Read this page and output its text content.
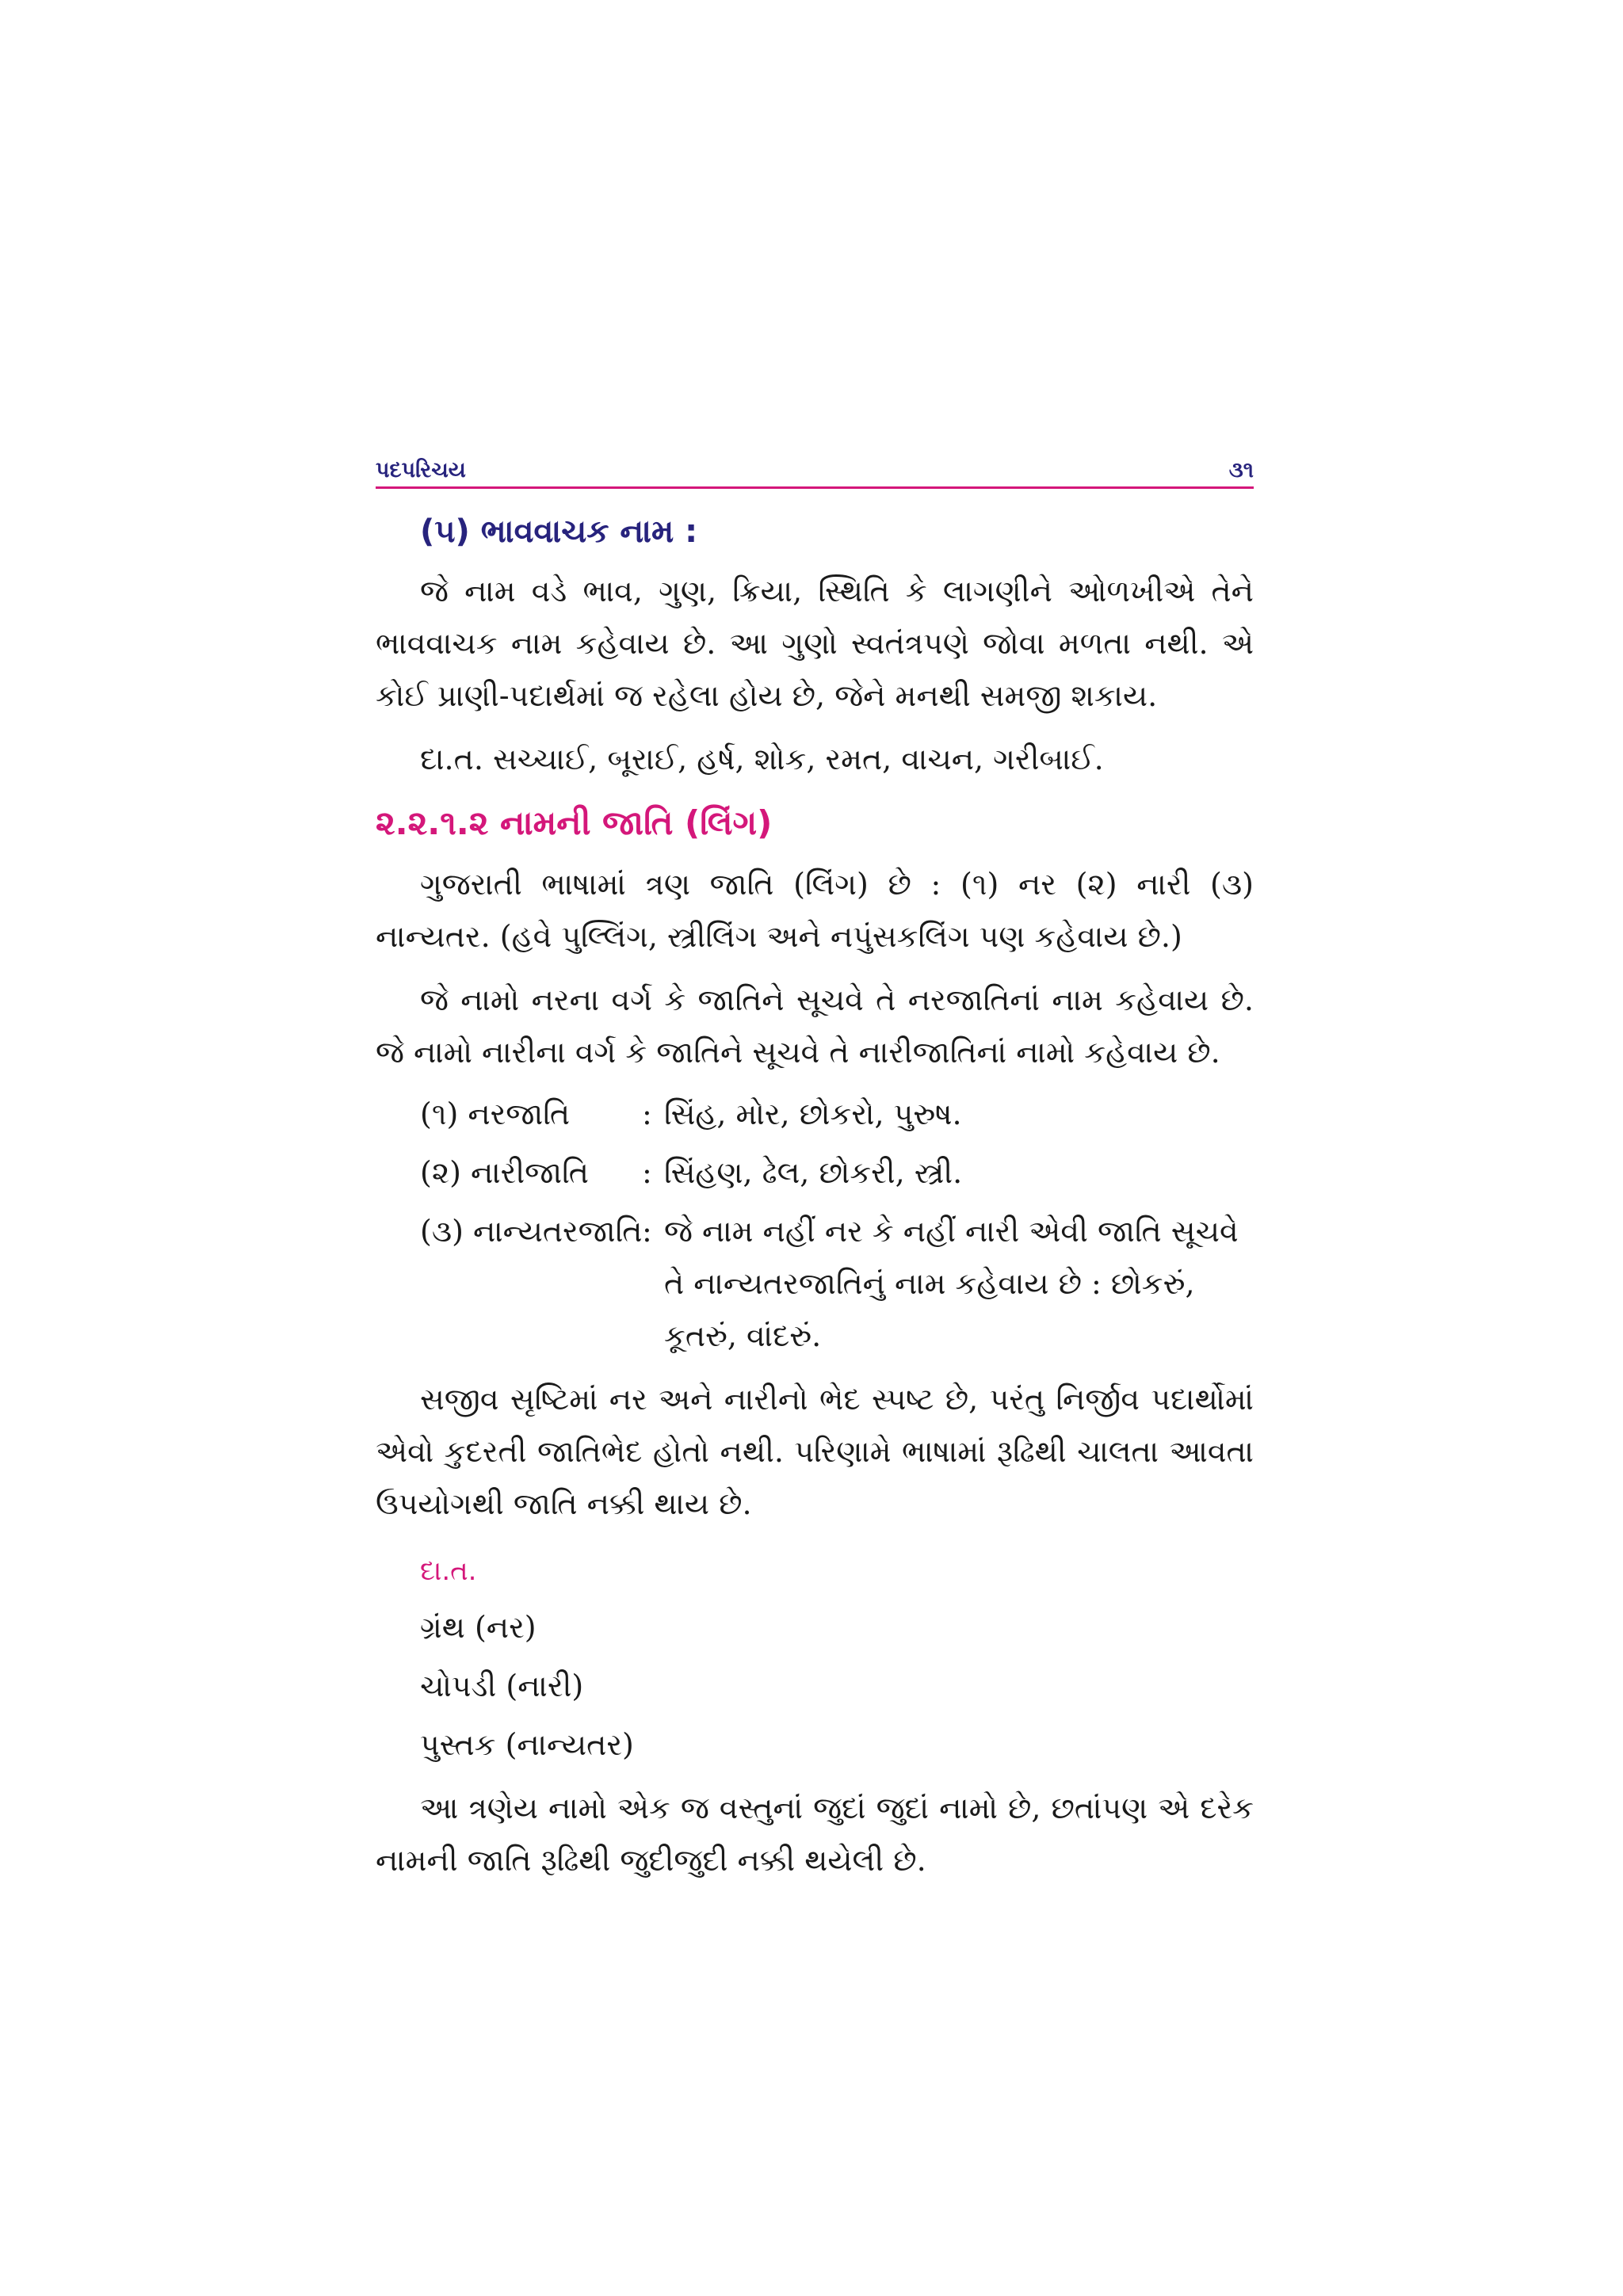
પદપરિચય	૩૧
(૫) ભાવવાચક નામ :

જે નામ વડે ભાવ, ગુણ, ક્રિયા, સ્થિતિ કે લાગણીને ઓળખીએ તેને ભાવવાચક નામ કહેવાય છે. આ ગુણો સ્વતંત્રપણે જોવા મળતા નથી. એ કોઈ પ્રાણી-પદાર્થમાં જ રહેલા હોય છે, જેને મનથી સમજી શકાય.

દા.ત. સચ્ચાઈ, બૂરાઈ, હર્ષ, શોક, રમત, વાચન, ગરીબાઈ.

૨.૨.૧.૨ નામની જાતિ (લિંગ)

ગુજરાતી ભાષામાં ત્રણ જાતિ (લિંગ) છે : (૧) નર (૨) નારી (૩) નાન્યતર. (હવે પુલ્લિંગ, સ્ત્રીલિંગ અને નપુંસકલિંગ પણ કહેવાય છે.)

જે નામો નરના વર્ગ કે જાતિને સૂચવે તે નરજાતિનાં નામ કહેવાય છે. જે નામો નારીના વર્ગ કે જાતિને સૂચવે તે નારીજાતિનાં નામો કહેવાય છે.

(૧) નરજાતિ	: સિંહ, મોર, છોકરો, પુરુષ.
(૨) નારીજાતિ	: સિંહણ, ઢેલ, છોકરી, સ્ત્રી.
(૩) નાન્યતરજાતિ : જે નામ નહીં નર કે નહીં નારી એવી જાતિ સૂચવે તે નાન્યતરજાતિનું નામ કહેવાય છે : છોકરું, કૂતરું, વાંદરું.

સજીવ સૃષ્ટિમાં નર અને નારીનો ભેદ સ્પષ્ટ છે, પરંતુ નિર્જીવ પદાર્થોમાં એવો કુદરતી જાતિભેદ હોતો નથી. પરિણામે ભાષામાં રૂઢિથી ચાલતા આવતા ઉપયોગથી જાતિ નક્કી થાય છે.

દા.ત.
ગ્રંથ (નર)
ચોપડી (નારી)
પુસ્તક (નાન્યતર)

આ ત્રણેય નામો એક જ વસ્તુનાં જુદાં જુદાં નામો છે, છતાંપણ એ દરેક નામની જાતિ રૂઢિથી જુદીજુદી નક્કી થયેલી છે.
